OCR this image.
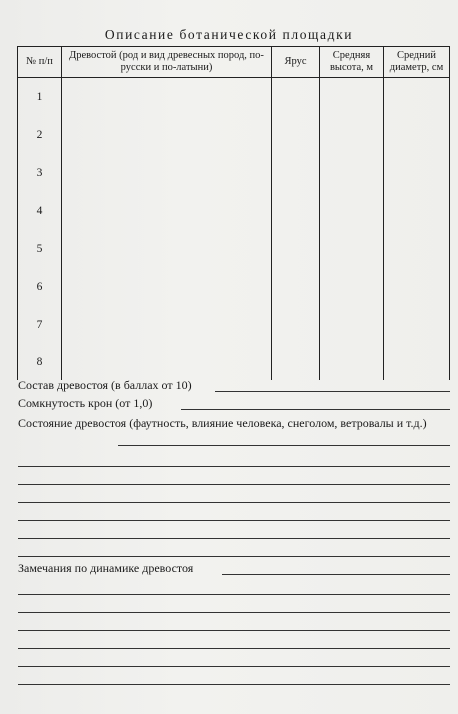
Описание ботанической площадки
№ п/п	Древостой (род и вид древесных пород, по-русски и по-латыни)	Ярус	Средняя высота, м	Средний диаметр, см
1				
2				
3				
4				
5				
6				
7				
8				
Состав древостоя (в баллах от 10)
Сомкнутость крон (от 1,0)
Состояние древостоя (фаутность, влияние человека, снеголом, ветровалы и т.д.)
Замечания по динамике древостоя
